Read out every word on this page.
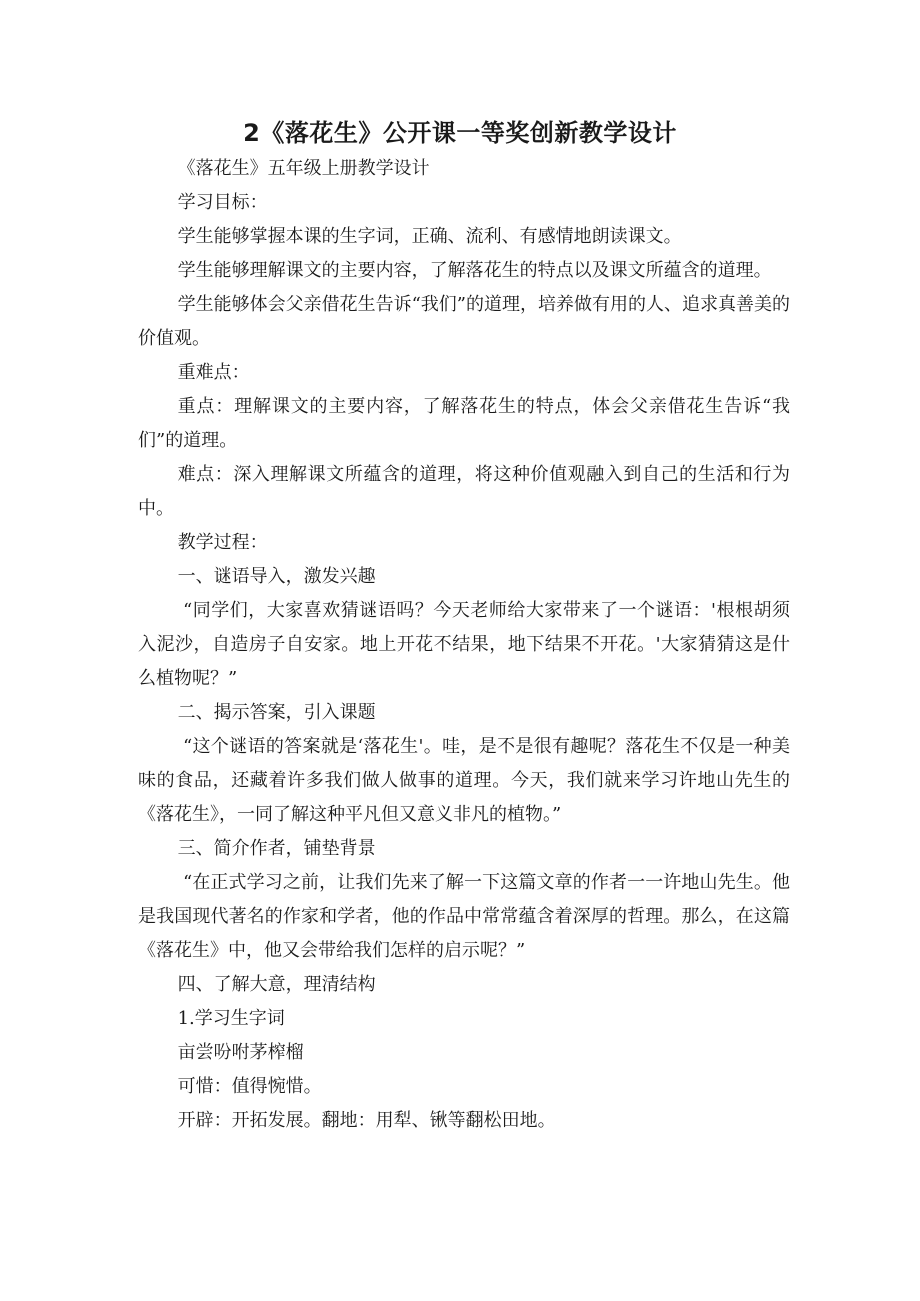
2《落花生》公开课一等奖创新教学设计

《落花生》五年级上册教学设计

学习目标：

学生能够掌握本课的生字词，正确、流利、有感情地朗读课文。

学生能够理解课文的主要内容，了解落花生的特点以及课文所蕴含的道理。

学生能够体会父亲借花生告诉“我们”的道理，培养做有用的人、追求真善美的价值观。

重难点：

重点：理解课文的主要内容，了解落花生的特点，体会父亲借花生告诉“我们”的道理。

难点：深入理解课文所蕴含的道理，将这种价值观融入到自己的生活和行为中。

教学过程：

一、谜语导入，激发兴趣

“同学们，大家喜欢猜谜语吗？今天老师给大家带来了一个谜语：'根根胡须入泥沙，自造房子自安家。地上开花不结果，地下结果不开花。'大家猜猜这是什么植物呢？”

二、揭示答案，引入课题

“这个谜语的答案就是‘落花生'。哇，是不是很有趣呢？落花生不仅是一种美味的食品，还藏着许多我们做人做事的道理。今天，我们就来学习许地山先生的《落花生》，一同了解这种平凡但又意义非凡的植物。”

三、简介作者，铺垫背景

“在正式学习之前，让我们先来了解一下这篇文章的作者一一许地山先生。他是我国现代著名的作家和学者，他的作品中常常蕴含着深厚的哲理。那么，在这篇《落花生》中，他又会带给我们怎样的启示呢？”

四、了解大意，理清结构

1.学习生字词

亩尝吩咐茅榨榴

可惜：值得惋惜。

开辟：开拓发展。翻地：用犁、锹等翻松田地。
